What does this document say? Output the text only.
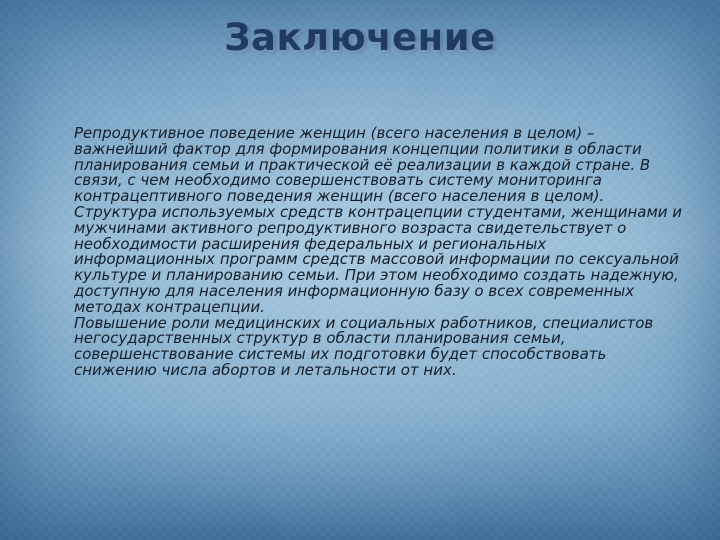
Заключение

Репродуктивное поведение женщин (всего населения в целом) – важнейший фактор для формирования концепции политики в области планирования семьи и практической её реализации в каждой стране. В связи, с чем необходимо совершенствовать систему мониторинга контрацептивного поведения женщин (всего населения в целом).

Структура используемых средств контрацепции студентами, женщинами и мужчинами активного репродуктивного возраста свидетельствует о необходимости расширения федеральных и региональных информационных программ средств массовой информации по сексуальной культуре и планированию семьи. При этом необходимо создать надежную, доступную для населения информационную базу о всех современных методах контрацепции.

Повышение роли медицинских и социальных работников, специалистов негосударственных структур в области планирования семьи, совершенствование системы их подготовки будет способствовать снижению числа абортов и летальности от них.
